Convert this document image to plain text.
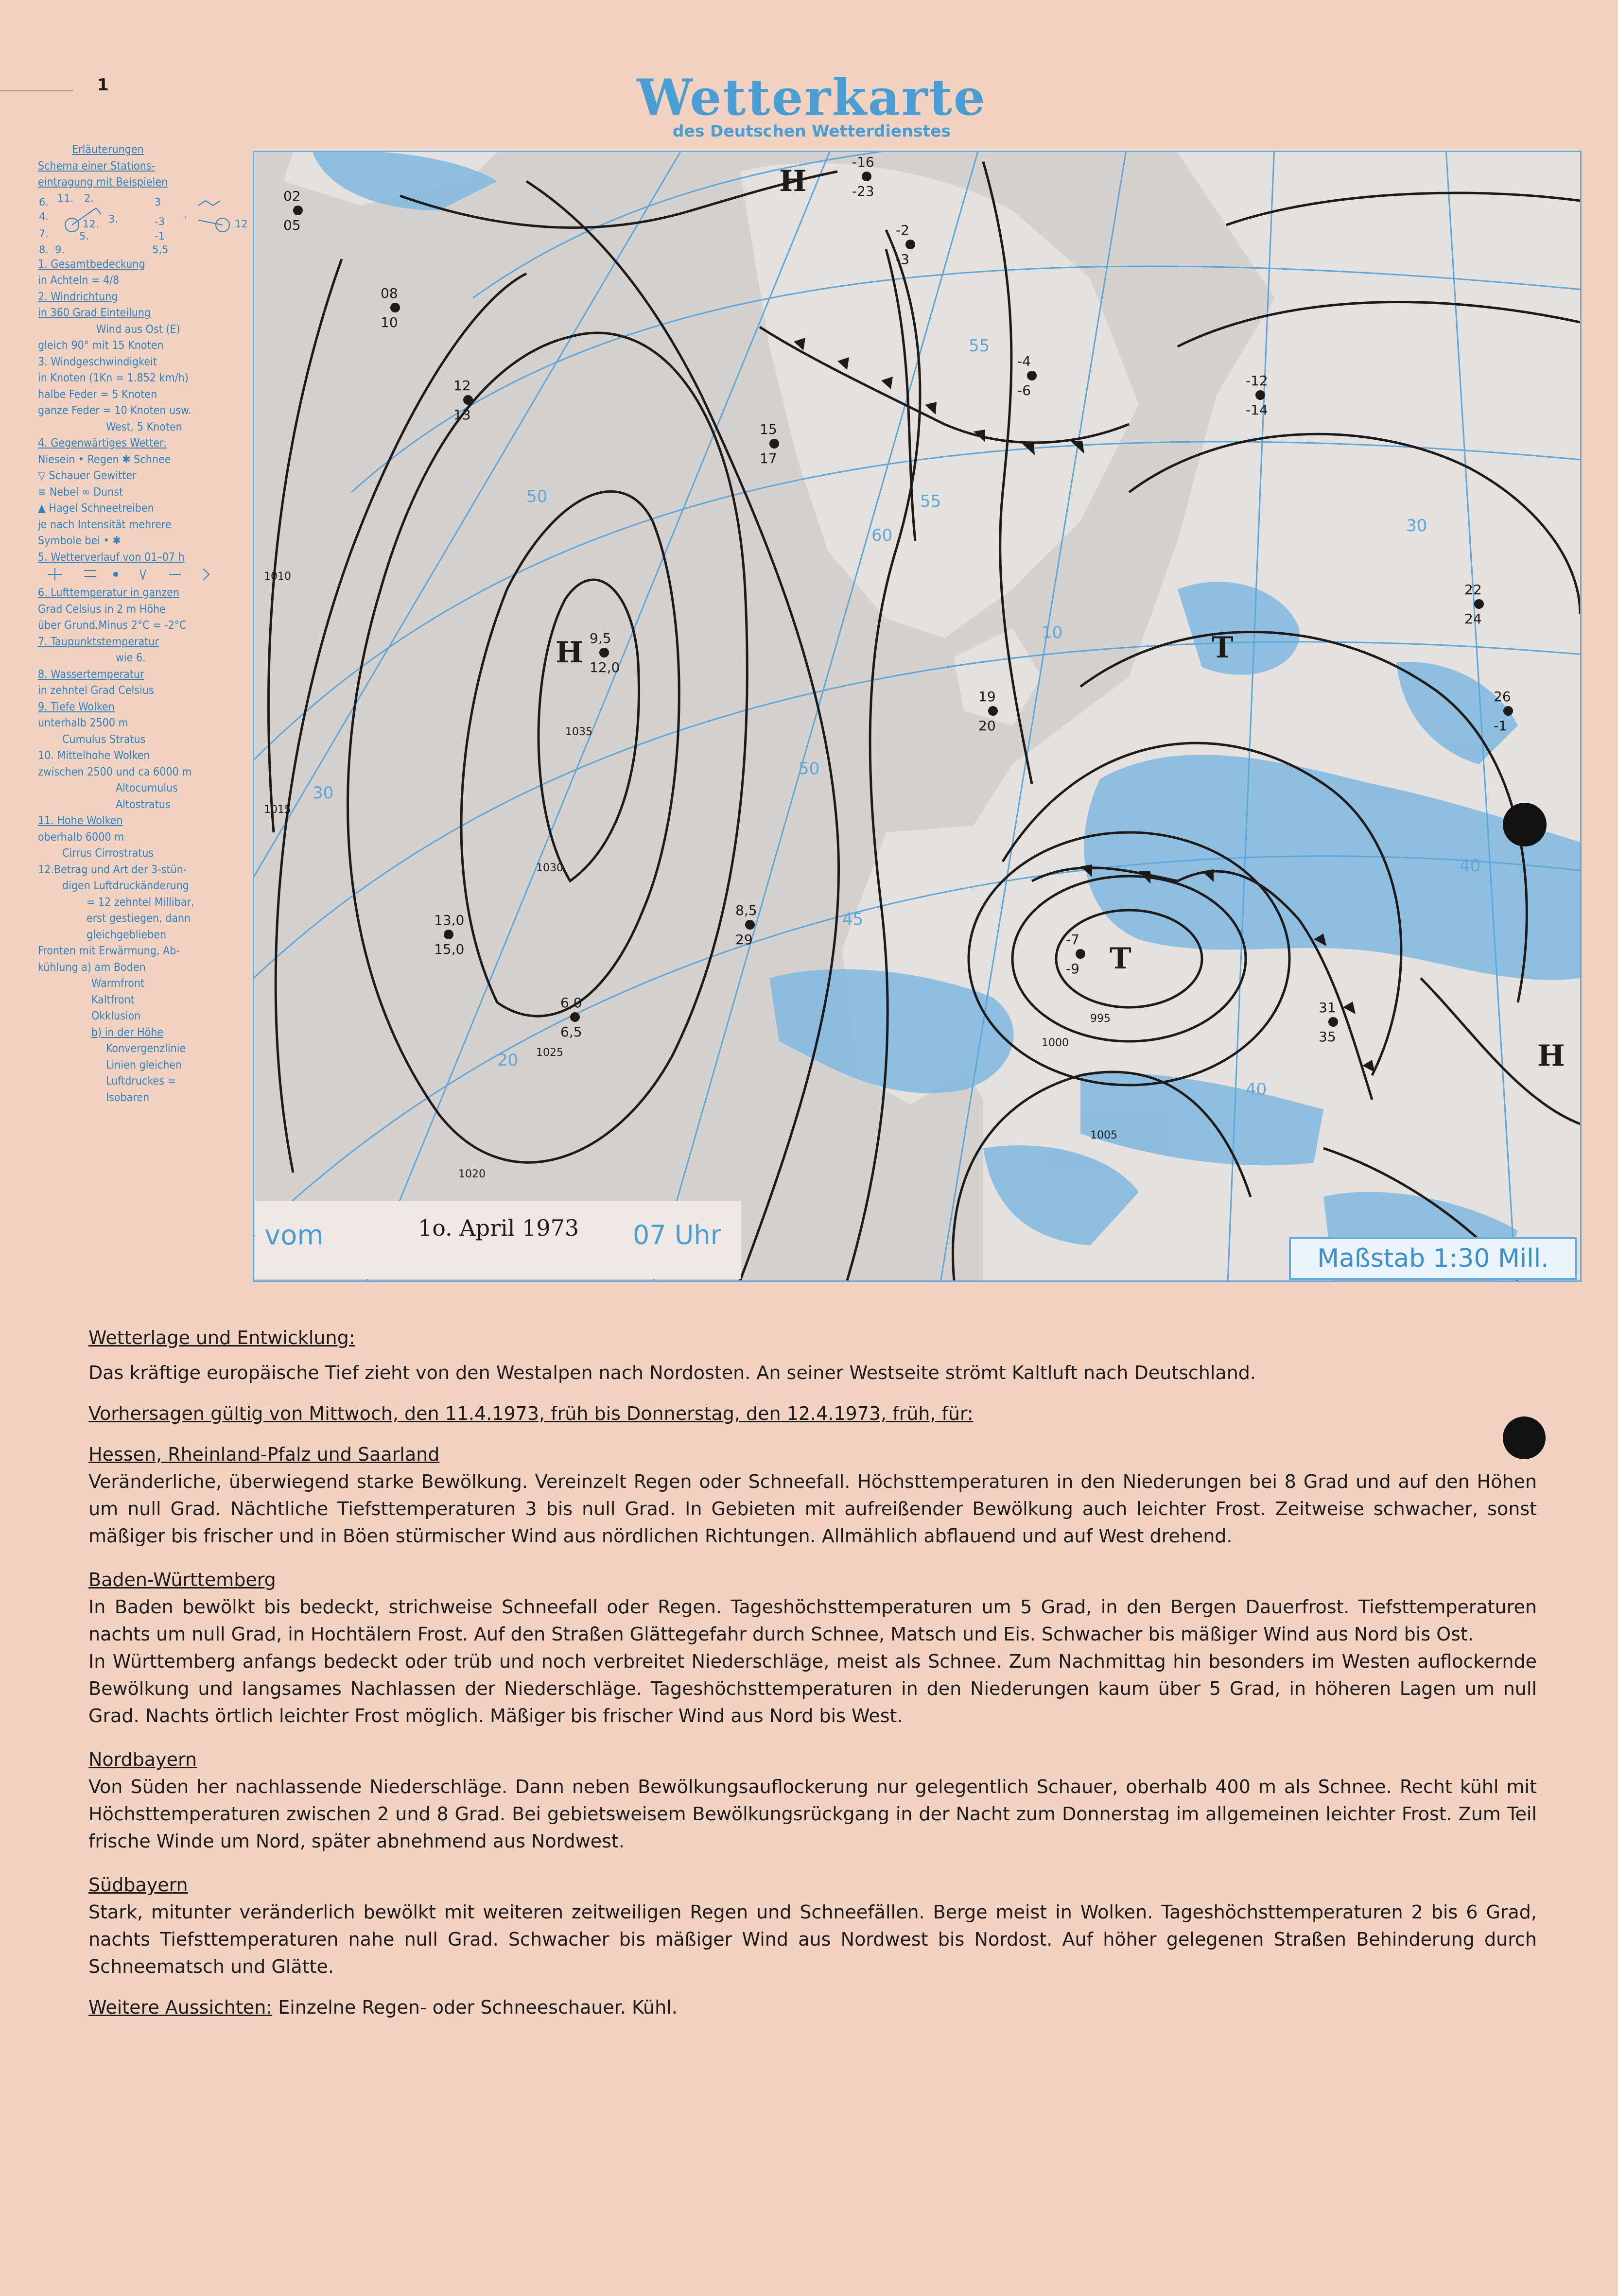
1	Wetterkarte
des Deutschen Wetterdienstes
Erläuterungen
Schema einer Stations-
eintragung mit Beispielen
6. 11. 2.
4.
12. 3.
7.	5.
8. 9.
3
.
-3
-1
12
5,5
1. Gesamtbedeckung
in Achteln = 4/8
2. Windrichtung
in 360 Grad Einteilung
Wind aus Ost (E)
gleich 90° mit 15 Knoten
3. Windgeschwindigkeit
in Knoten (1Kn = 1.852 km/h)
halbe Feder = 5 Knoten
ganze Feder = 10 Knoten usw.
West, 5 Knoten
4. Gegenwärtiges Wetter:
Niesein • Regen ✱ Schnee
▽ Schauer Gewitter
≡ Nebel ∞ Dunst
▲ Hagel Schneetreiben
je nach Intensität mehrere
Symbole bei • ✱
5. Wetterverlauf von 01–07 h
6. Lufttemperatur in ganzen
Grad Celsius in 2 m Höhe
über Grund.Minus 2°C = -2°C
7. Taupunktstemperatur
wie 6.
8. Wassertemperatur
in zehntel Grad Celsius
9. Tiefe Wolken
unterhalb 2500 m
Cumulus Stratus
10. Mittelhohe Wolken
zwischen 2500 und ca 6000 m
Altocumulus
Altostratus
11. Hohe Wolken
oberhalb 6000 m
Cirrus Cirrostratus
12.Betrag und Art der 3-stün-
digen Luftdruckänderung
= 12 zehntel Millibar,
erst gestiegen, dann
gleichgeblieben
Fronten mit Erwärmung, Ab-
kühlung a) am Boden
Warmfront
Kaltfront
Okklusion
b) in der Höhe
Konvergenzlinie
Linien gleichen
Luftdruckes =
Isobaren
55
50
45
40
20
30
50
55
60
10
30
40
H	T
H
T
H
1035
1030
1025
1020
1015
1010
1005
1000
995
02
05
08
10
12
13
15
17
19
20
22
24
26
-1
-2
-3
-4
-6
-7
-9
-12
-14
-16
-23
9,5
12,0
13,0
15,0
6,0
6,5
8,5
29
31
35
vom	1o. April 1973 07 Uhr
Maßstab 1:30 Mill.
Wetterlage und Entwicklung:
Das kräftige europäische Tief zieht von den Westalpen nach Nordosten. An seiner Westseite strömt Kaltluft nach Deutschland.
Vorhersagen gültig von Mittwoch, den 11.4.1973, früh bis Donnerstag, den 12.4.1973, früh, für:
Hessen, Rheinland-Pfalz und Saarland
Veränderliche, überwiegend starke Bewölkung. Vereinzelt Regen oder Schneefall. Höchsttemperaturen in den Niederungen bei 8 Grad und auf den Höhen um null Grad. Nächtliche Tiefsttemperaturen 3 bis null Grad. In Gebieten mit aufreißender Bewölkung auch leichter Frost. Zeitweise schwacher, sonst mäßiger bis frischer und in Böen stürmischer Wind aus nördlichen Richtungen. Allmählich abflauend und auf West drehend.
Baden-Württemberg
In Baden bewölkt bis bedeckt, strichweise Schneefall oder Regen. Tageshöchsttemperaturen um 5 Grad, in den Bergen Dauerfrost. Tiefsttemperaturen nachts um null Grad, in Hochtälern Frost. Auf den Straßen Glättegefahr durch Schnee, Matsch und Eis. Schwacher bis mäßiger Wind aus Nord bis Ost.
In Württemberg anfangs bedeckt oder trüb und noch verbreitet Niederschläge, meist als Schnee. Zum Nachmittag hin besonders im Westen auflockernde Bewölkung und langsames Nachlassen der Niederschläge. Tageshöchsttemperaturen in den Niederungen kaum über 5 Grad, in höheren Lagen um null Grad. Nachts örtlich leichter Frost möglich. Mäßiger bis frischer Wind aus Nord bis West.
Nordbayern
Von Süden her nachlassende Niederschläge. Dann neben Bewölkungsauflockerung nur gelegentlich Schauer, oberhalb 400 m als Schnee. Recht kühl mit Höchsttemperaturen zwischen 2 und 8 Grad. Bei gebietsweisem Bewölkungsrückgang in der Nacht zum Donnerstag im allgemeinen leichter Frost. Zum Teil frische Winde um Nord, später abnehmend aus Nordwest.
Südbayern
Stark, mitunter veränderlich bewölkt mit weiteren zeitweiligen Regen und Schneefällen. Berge meist in Wolken. Tageshöchsttemperaturen 2 bis 6 Grad, nachts Tiefsttemperaturen nahe null Grad. Schwacher bis mäßiger Wind aus Nordwest bis Nordost. Auf höher gelegenen Straßen Behinderung durch Schneematsch und Glätte.
Weitere Aussichten: Einzelne Regen- oder Schneeschauer. Kühl.
